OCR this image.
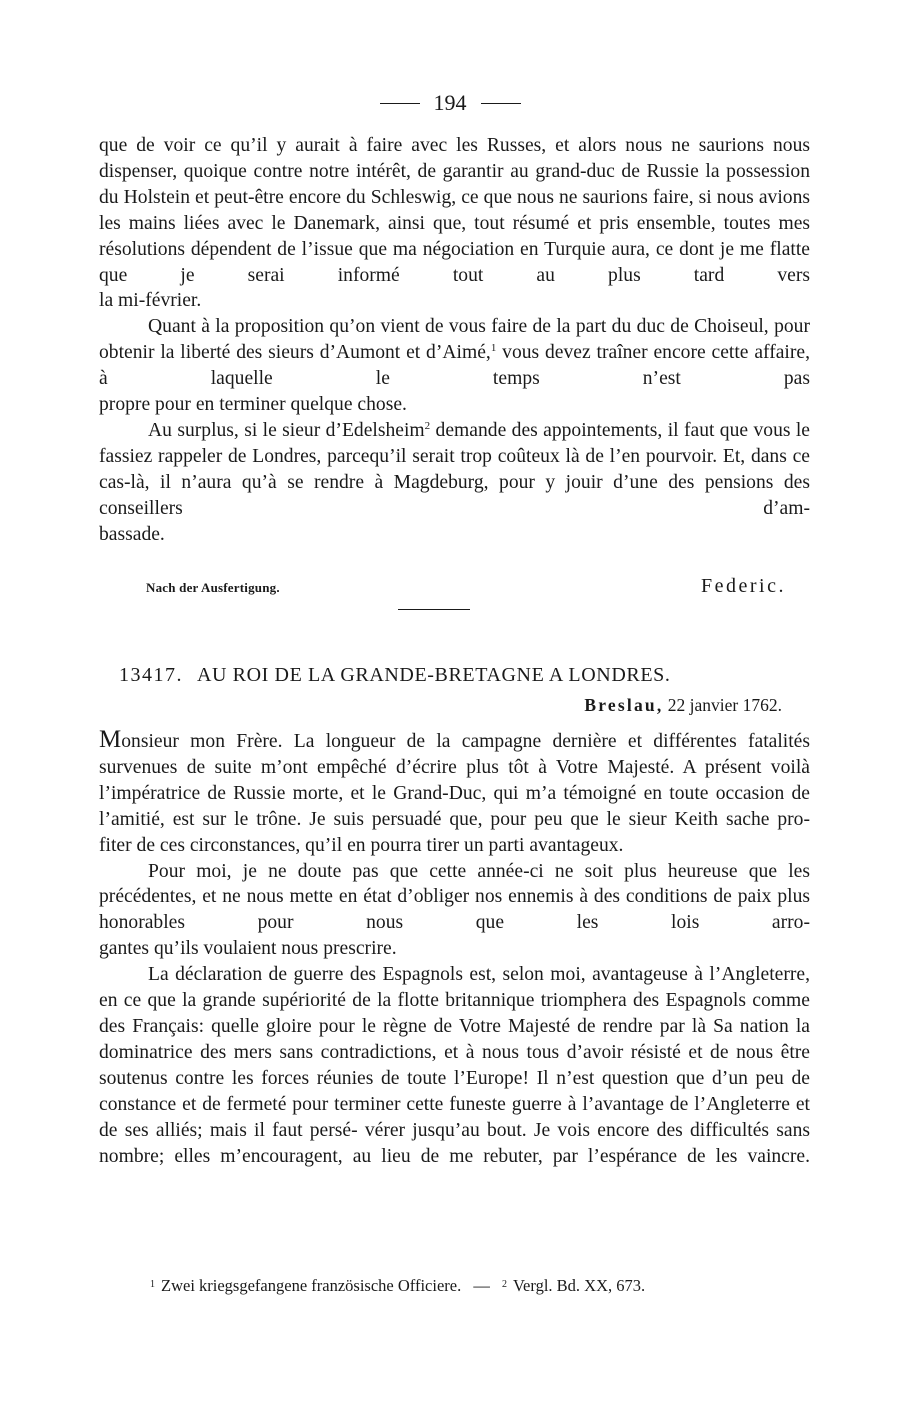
194

que de voir ce qu’il y aurait à faire avec les Russes, et alors nous ne saurions nous dispenser, quoique contre notre intérêt, de garantir au grand-duc de Russie la possession du Holstein et peut-être encore du Schleswig, ce que nous ne saurions faire, si nous avions les mains liées avec le Danemark, ainsi que, tout résumé et pris ensemble, toutes mes résolutions dépendent de l’issue que ma négociation en Turquie aura, ce dont je me flatte que je serai informé tout au plus tard vers

la mi-février.

Quant à la proposition qu’on vient de vous faire de la part du duc de Choiseul, pour obtenir la liberté des sieurs d’Aumont et d’Aimé,$^1$ vous devez traîner encore cette affaire, à laquelle le temps n’est pas

propre pour en terminer quelque chose.

Au surplus, si le sieur d’Edelsheim$^2$ demande des appointements, il faut que vous le fassiez rappeler de Londres, parcequ’il serait trop coûteux là de l’en pourvoir. Et, dans ce cas-là, il n’aura qu’à se rendre à Magdeburg, pour y jouir d’une des pensions des conseillers d’am-

bassade.

Nach der Ausfertigung.	Federic.
13417. AU ROI DE LA GRANDE-BRETAGNE A LONDRES.
Breslau, 22 janvier 1762.

Monsieur mon Frère. La longueur de la campagne dernière et différentes fatalités survenues de suite m’ont empêché d’écrire plus tôt à Votre Majesté. A présent voilà l’impératrice de Russie morte, et le Grand-Duc, qui m’a témoigné en toute occasion de l’amitié, est sur le trône. Je suis persuadé que, pour peu que le sieur Keith sache pro-

fiter de ces circonstances, qu’il en pourra tirer un parti avantageux.

Pour moi, je ne doute pas que cette année-ci ne soit plus heureuse que les précédentes, et ne nous mette en état d’obliger nos ennemis à des conditions de paix plus honorables pour nous que les lois arro-

gantes qu’ils voulaient nous prescrire.

La déclaration de guerre des Espagnols est, selon moi, avantageuse à l’Angleterre, en ce que la grande supériorité de la flotte britannique triomphera des Espagnols comme des Français: quelle gloire pour le règne de Votre Majesté de rendre par là Sa nation la dominatrice des mers sans contradictions, et à nous tous d’avoir résisté et de nous être soutenus contre les forces réunies de toute l’Europe! Il n’est question que d’un peu de constance et de fermeté pour terminer cette funeste guerre à l’avantage de l’Angleterre et de ses alliés; mais il faut persé- vérer jusqu’au bout. Je vois encore des difficultés sans nombre; elles m’encouragent, au lieu de me rebuter, par l’espérance de les vaincre.

$^1$ Zwei kriegsgefangene französische Officiere. — $^2$ Vergl. Bd. XX, 673.
